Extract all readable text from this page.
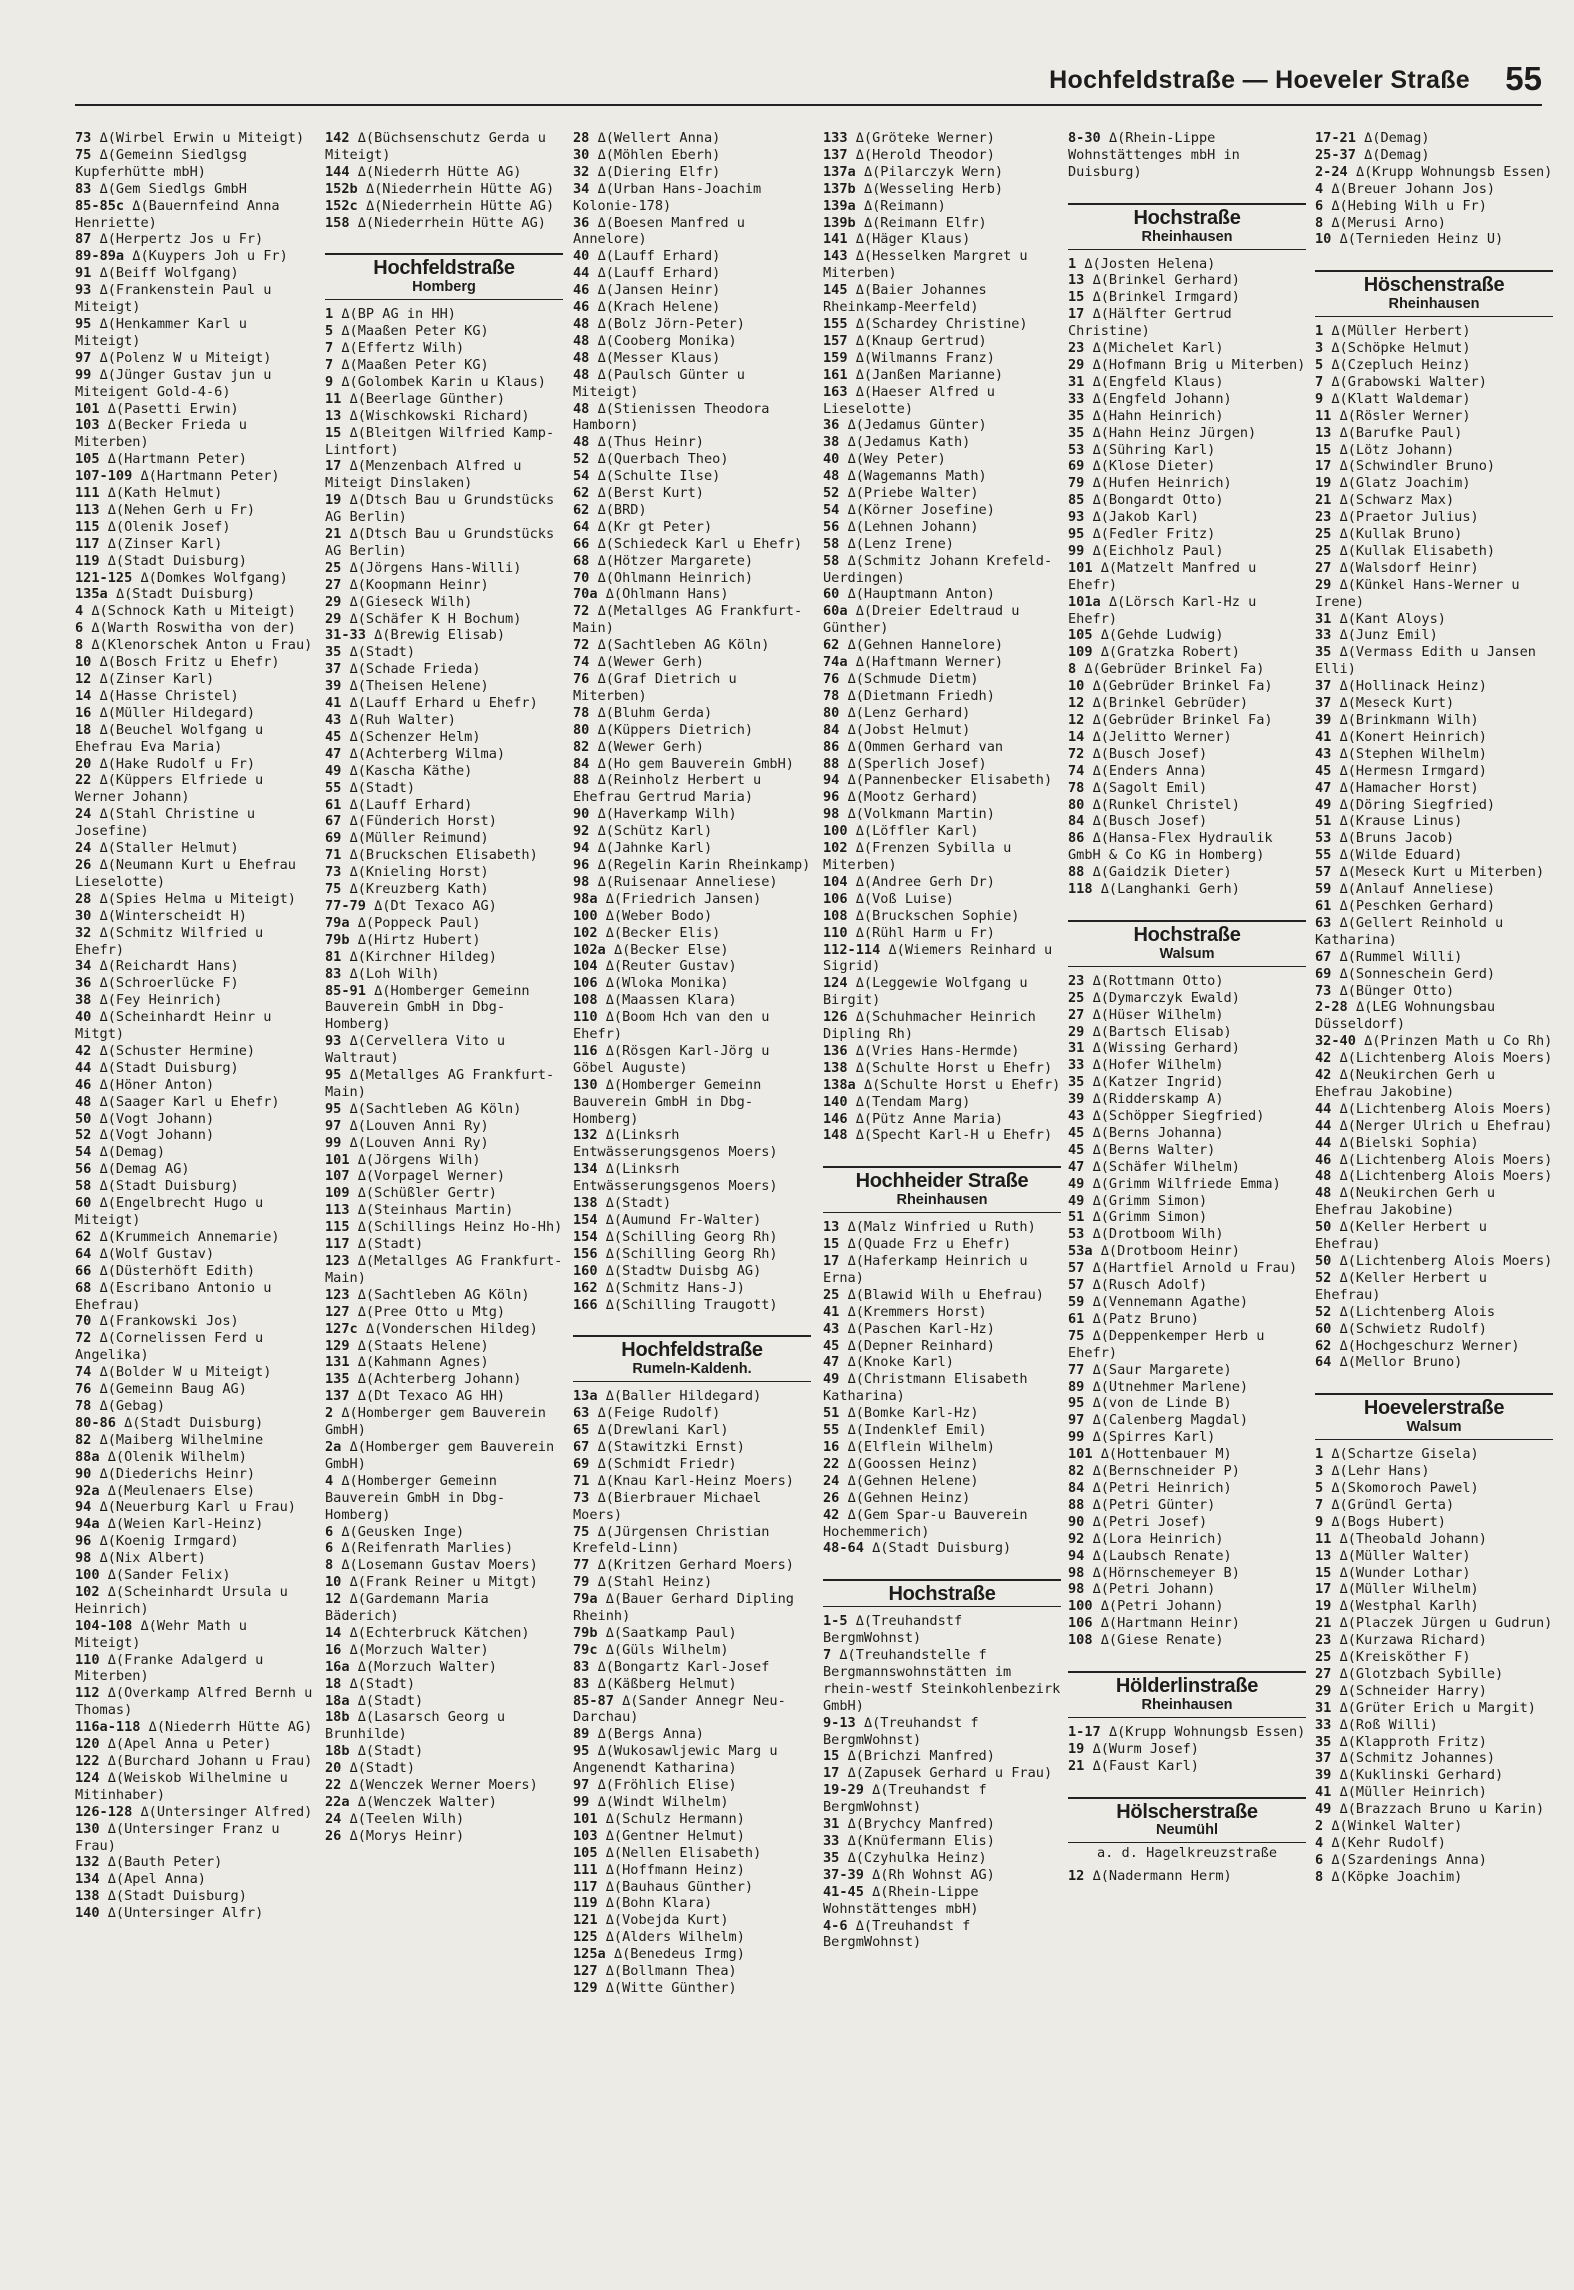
Hochfeldstraße — Hoeveler Straße 55

73 Δ(Wirbel Erwin u Miteigt)

75 Δ(Gemeinn Siedlgsg Kupferhütte mbH)

83 Δ(Gem Siedlgs GmbH

85-85c Δ(Bauernfeind Anna Henriette)

87 Δ(Herpertz Jos u Fr)

89-89a Δ(Kuypers Joh u Fr)

91 Δ(Beiff Wolfgang)

93 Δ(Frankenstein Paul u Miteigt)

95 Δ(Henkammer Karl u Miteigt)

97 Δ(Polenz W u Miteigt)

99 Δ(Jünger Gustav jun u Miteigent Gold-4-6)

101 Δ(Pasetti Erwin)

103 Δ(Becker Frieda u Miterben)

105 Δ(Hartmann Peter)

107-109 Δ(Hartmann Peter)

111 Δ(Kath Helmut)

113 Δ(Nehen Gerh u Fr)

115 Δ(Olenik Josef)

117 Δ(Zinser Karl)

119 Δ(Stadt Duisburg)

121-125 Δ(Domkes Wolfgang)

135a Δ(Stadt Duisburg)

4 Δ(Schnock Kath u Miteigt)

6 Δ(Warth Roswitha von der)

8 Δ(Klenorschek Anton u Frau)

10 Δ(Bosch Fritz u Ehefr)

12 Δ(Zinser Karl)

14 Δ(Hasse Christel)

16 Δ(Müller Hildegard)

18 Δ(Beuchel Wolfgang u Ehefrau Eva Maria)

20 Δ(Hake Rudolf u Fr)

22 Δ(Küppers Elfriede u Werner Johann)

24 Δ(Stahl Christine u Josefine)

24 Δ(Staller Helmut)

26 Δ(Neumann Kurt u Ehefrau Lieselotte)

28 Δ(Spies Helma u Miteigt)

30 Δ(Winterscheidt H)

32 Δ(Schmitz Wilfried u Ehefr)

34 Δ(Reichardt Hans)

36 Δ(Schroerlücke F)

38 Δ(Fey Heinrich)

40 Δ(Scheinhardt Heinr u Mitgt)

42 Δ(Schuster Hermine)

44 Δ(Stadt Duisburg)

46 Δ(Höner Anton)

48 Δ(Saager Karl u Ehefr)

50 Δ(Vogt Johann)

52 Δ(Vogt Johann)

54 Δ(Demag)

56 Δ(Demag AG)

58 Δ(Stadt Duisburg)

60 Δ(Engelbrecht Hugo u Miteigt)

62 Δ(Krummeich Annemarie)

64 Δ(Wolf Gustav)

66 Δ(Düsterhöft Edith)

68 Δ(Escribano Antonio u Ehefrau)

70 Δ(Frankowski Jos)

72 Δ(Cornelissen Ferd u Angelika)

74 Δ(Bolder W u Miteigt)

76 Δ(Gemeinn Baug AG)

78 Δ(Gebag)

80-86 Δ(Stadt Duisburg)

82 Δ(Maiberg Wilhelmine

88a Δ(Olenik Wilhelm)

90 Δ(Diederichs Heinr)

92a Δ(Meulenaers Else)

94 Δ(Neuerburg Karl u Frau)

94a Δ(Weien Karl-Heinz)

96 Δ(Koenig Irmgard)

98 Δ(Nix Albert)

100 Δ(Sander Felix)

102 Δ(Scheinhardt Ursula u Heinrich)

104-108 Δ(Wehr Math u Miteigt)

110 Δ(Franke Adalgerd u Miterben)

112 Δ(Overkamp Alfred Bernh u Thomas)

116a-118 Δ(Niederrh Hütte AG)

120 Δ(Apel Anna u Peter)

122 Δ(Burchard Johann u Frau)

124 Δ(Weiskob Wilhelmine u Mitinhaber)

126-128 Δ(Untersinger Alfred)

130 Δ(Untersinger Franz u Frau)

132 Δ(Bauth Peter)

134 Δ(Apel Anna)

138 Δ(Stadt Duisburg)

140 Δ(Untersinger Alfr)

142 Δ(Büchsenschutz Gerda u Miteigt)

144 Δ(Niederrh Hütte AG)

152b Δ(Niederrhein Hütte AG)

152c Δ(Niederrhein Hütte AG)

158 Δ(Niederrhein Hütte AG)

Hochfeldstraße
Homberg

1 Δ(BP AG in HH)

5 Δ(Maaßen Peter KG)

7 Δ(Effertz Wilh)

7 Δ(Maaßen Peter KG)

9 Δ(Golombek Karin u Klaus)

11 Δ(Beerlage Günther)

13 Δ(Wischkowski Richard)

15 Δ(Bleitgen Wilfried Kamp-Lintfort)

17 Δ(Menzenbach Alfred u Miteigt Dinslaken)

19 Δ(Dtsch Bau u Grundstücks AG Berlin)

21 Δ(Dtsch Bau u Grundstücks AG Berlin)

25 Δ(Jörgens Hans-Willi)

27 Δ(Koopmann Heinr)

29 Δ(Gieseck Wilh)

29 Δ(Schäfer K H Bochum)

31-33 Δ(Brewig Elisab)

35 Δ(Stadt)

37 Δ(Schade Frieda)

39 Δ(Theisen Helene)

41 Δ(Lauff Erhard u Ehefr)

43 Δ(Ruh Walter)

45 Δ(Schenzer Helm)

47 Δ(Achterberg Wilma)

49 Δ(Kascha Käthe)

55 Δ(Stadt)

61 Δ(Lauff Erhard)

67 Δ(Fünderich Horst)

69 Δ(Müller Reimund)

71 Δ(Bruckschen Elisabeth)

73 Δ(Knieling Horst)

75 Δ(Kreuzberg Kath)

77-79 Δ(Dt Texaco AG)

79a Δ(Poppeck Paul)

79b Δ(Hirtz Hubert)

81 Δ(Kirchner Hildeg)

83 Δ(Loh Wilh)

85-91 Δ(Homberger Gemeinn Bauverein GmbH in Dbg-Homberg)

93 Δ(Cervellera Vito u Waltraut)

95 Δ(Metallges AG Frankfurt-Main)

95 Δ(Sachtleben AG Köln)

97 Δ(Louven Anni Ry)

99 Δ(Louven Anni Ry)

101 Δ(Jörgens Wilh)

107 Δ(Vorpagel Werner)

109 Δ(Schüßler Gertr)

113 Δ(Steinhaus Martin)

115 Δ(Schillings Heinz Ho-Hh)

117 Δ(Stadt)

123 Δ(Metallges AG Frankfurt-Main)

123 Δ(Sachtleben AG Köln)

127 Δ(Pree Otto u Mtg)

127c Δ(Vonderschen Hildeg)

129 Δ(Staats Helene)

131 Δ(Kahmann Agnes)

135 Δ(Achterberg Johann)

137 Δ(Dt Texaco AG HH)

2 Δ(Homberger gem Bauverein GmbH)

2a Δ(Homberger gem Bauverein GmbH)

4 Δ(Homberger Gemeinn Bauverein GmbH in Dbg-Homberg)

6 Δ(Geusken Inge)

6 Δ(Reifenrath Marlies)

8 Δ(Losemann Gustav Moers)

10 Δ(Frank Reiner u Mitgt)

12 Δ(Gardemann Maria Bäderich)

14 Δ(Echterbruck Kätchen)

16 Δ(Morzuch Walter)

16a Δ(Morzuch Walter)

18 Δ(Stadt)

18a Δ(Stadt)

18b Δ(Lasarsch Georg u Brunhilde)

18b Δ(Stadt)

20 Δ(Stadt)

22 Δ(Wenczek Werner Moers)

22a Δ(Wenczek Walter)

24 Δ(Teelen Wilh)

26 Δ(Morys Heinr)

28 Δ(Wellert Anna)

30 Δ(Möhlen Eberh)

32 Δ(Diering Elfr)

34 Δ(Urban Hans-Joachim Kolonie-178)

36 Δ(Boesen Manfred u Annelore)

40 Δ(Lauff Erhard)

44 Δ(Lauff Erhard)

46 Δ(Jansen Heinr)

46 Δ(Krach Helene)

48 Δ(Bolz Jörn-Peter)

48 Δ(Cooberg Monika)

48 Δ(Messer Klaus)

48 Δ(Paulsch Günter u Miteigt)

48 Δ(Stienissen Theodora Hamborn)

48 Δ(Thus Heinr)

52 Δ(Querbach Theo)

54 Δ(Schulte Ilse)

62 Δ(Berst Kurt)

62 Δ(BRD)

64 Δ(Kr gt Peter)

66 Δ(Schiedeck Karl u Ehefr)

68 Δ(Hötzer Margarete)

70 Δ(Ohlmann Heinrich)

70a Δ(Ohlmann Hans)

72 Δ(Metallges AG Frankfurt-Main)

72 Δ(Sachtleben AG Köln)

74 Δ(Wewer Gerh)

76 Δ(Graf Dietrich u Miterben)

78 Δ(Bluhm Gerda)

80 Δ(Küppers Dietrich)

82 Δ(Wewer Gerh)

84 Δ(Ho gem Bauverein GmbH)

88 Δ(Reinholz Herbert u Ehefrau Gertrud Maria)

90 Δ(Haverkamp Wilh)

92 Δ(Schütz Karl)

94 Δ(Jahnke Karl)

96 Δ(Regelin Karin Rheinkamp)

98 Δ(Ruisenaar Anneliese)

98a Δ(Friedrich Jansen)

100 Δ(Weber Bodo)

102 Δ(Becker Elis)

102a Δ(Becker Else)

104 Δ(Reuter Gustav)

106 Δ(Wloka Monika)

108 Δ(Maassen Klara)

110 Δ(Boom Hch van den u Ehefr)

116 Δ(Rösgen Karl-Jörg u Göbel Auguste)

130 Δ(Homberger Gemeinn Bauverein GmbH in Dbg-Homberg)

132 Δ(Linksrh Entwässerungsgenos Moers)

134 Δ(Linksrh Entwässerungsgenos Moers)

138 Δ(Stadt)

154 Δ(Aumund Fr-Walter)

154 Δ(Schilling Georg Rh)

156 Δ(Schilling Georg Rh)

160 Δ(Stadtw Duisbg AG)

162 Δ(Schmitz Hans-J)

166 Δ(Schilling Traugott)

Hochfeldstraße
Rumeln-Kaldenh.

13a Δ(Baller Hildegard)

63 Δ(Feige Rudolf)

65 Δ(Drewlani Karl)

67 Δ(Stawitzki Ernst)

69 Δ(Schmidt Friedr)

71 Δ(Knau Karl-Heinz Moers)

73 Δ(Bierbrauer Michael Moers)

75 Δ(Jürgensen Christian Krefeld-Linn)

77 Δ(Kritzen Gerhard Moers)

79 Δ(Stahl Heinz)

79a Δ(Bauer Gerhard Dipling Rheinh)

79b Δ(Saatkamp Paul)

79c Δ(Güls Wilhelm)

83 Δ(Bongartz Karl-Josef

83 Δ(Käßberg Helmut)

85-87 Δ(Sander Annegr Neu-Darchau)

89 Δ(Bergs Anna)

95 Δ(Wukosawljewic Marg u Angenendt Katharina)

97 Δ(Fröhlich Elise)

99 Δ(Windt Wilhelm)

101 Δ(Schulz Hermann)

103 Δ(Gentner Helmut)

105 Δ(Nellen Elisabeth)

111 Δ(Hoffmann Heinz)

117 Δ(Bauhaus Günther)

119 Δ(Bohn Klara)

121 Δ(Vobejda Kurt)

125 Δ(Alders Wilhelm)

125a Δ(Benedeus Irmg)

127 Δ(Bollmann Thea)

129 Δ(Witte Günther)

133 Δ(Gröteke Werner)

137 Δ(Herold Theodor)

137a Δ(Pilarczyk Wern)

137b Δ(Wesseling Herb)

139a Δ(Reimann)

139b Δ(Reimann Elfr)

141 Δ(Häger Klaus)

143 Δ(Hesselken Margret u Miterben)

145 Δ(Baier Johannes Rheinkamp-Meerfeld)

155 Δ(Schardey Christine)

157 Δ(Knaup Gertrud)

159 Δ(Wilmanns Franz)

161 Δ(Janßen Marianne)

163 Δ(Haeser Alfred u Lieselotte)

36 Δ(Jedamus Günter)

38 Δ(Jedamus Kath)

40 Δ(Wey Peter)

48 Δ(Wagemanns Math)

52 Δ(Priebe Walter)

54 Δ(Körner Josefine)

56 Δ(Lehnen Johann)

58 Δ(Lenz Irene)

58 Δ(Schmitz Johann Krefeld-Uerdingen)

60 Δ(Hauptmann Anton)

60a Δ(Dreier Edeltraud u Günther)

62 Δ(Gehnen Hannelore)

74a Δ(Haftmann Werner)

76 Δ(Schmude Dietm)

78 Δ(Dietmann Friedh)

80 Δ(Lenz Gerhard)

84 Δ(Jobst Helmut)

86 Δ(Ommen Gerhard van

88 Δ(Sperlich Josef)

94 Δ(Pannenbecker Elisabeth)

96 Δ(Mootz Gerhard)

98 Δ(Volkmann Martin)

100 Δ(Löffler Karl)

102 Δ(Frenzen Sybilla u Miterben)

104 Δ(Andree Gerh Dr)

106 Δ(Voß Luise)

108 Δ(Bruckschen Sophie)

110 Δ(Rühl Harm u Fr)

112-114 Δ(Wiemers Reinhard u Sigrid)

124 Δ(Leggewie Wolfgang u Birgit)

126 Δ(Schuhmacher Heinrich Dipling Rh)

136 Δ(Vries Hans-Hermde)

138 Δ(Schulte Horst u Ehefr)

138a Δ(Schulte Horst u Ehefr)

140 Δ(Tendam Marg)

146 Δ(Pütz Anne Maria)

148 Δ(Specht Karl-H u Ehefr)

Hochheider Straße
Rheinhausen

13 Δ(Malz Winfried u Ruth)

15 Δ(Quade Frz u Ehefr)

17 Δ(Haferkamp Heinrich u Erna)

25 Δ(Blawid Wilh u Ehefrau)

41 Δ(Kremmers Horst)

43 Δ(Paschen Karl-Hz)

45 Δ(Depner Reinhard)

47 Δ(Knoke Karl)

49 Δ(Christmann Elisabeth Katharina)

51 Δ(Bomke Karl-Hz)

55 Δ(Indenklef Emil)

16 Δ(Elflein Wilhelm)

22 Δ(Goossen Heinz)

24 Δ(Gehnen Helene)

26 Δ(Gehnen Heinz)

42 Δ(Gem Spar-u Bauverein Hochemmerich)

48-64 Δ(Stadt Duisburg)

Hochstraße

1-5 Δ(Treuhandstf BergmWohnst)

7 Δ(Treuhandstelle f Bergmannswohnstätten im rhein-westf Steinkohlenbezirk GmbH)

9-13 Δ(Treuhandst f BergmWohnst)

15 Δ(Brichzi Manfred)

17 Δ(Zapusek Gerhard u Frau)

19-29 Δ(Treuhandst f BergmWohnst)

31 Δ(Brychcy Manfred)

33 Δ(Knüfermann Elis)

35 Δ(Czyhulka Heinz)

37-39 Δ(Rh Wohnst AG)

41-45 Δ(Rhein-Lippe Wohnstättenges mbH)

4-6 Δ(Treuhandst f BergmWohnst)

8-30 Δ(Rhein-Lippe Wohnstättenges mbH in Duisburg)

Hochstraße
Rheinhausen

1 Δ(Josten Helena)

13 Δ(Brinkel Gerhard)

15 Δ(Brinkel Irmgard)

17 Δ(Hälfter Gertrud Christine)

23 Δ(Michelet Karl)

29 Δ(Hofmann Brig u Miterben)

31 Δ(Engfeld Klaus)

33 Δ(Engfeld Johann)

35 Δ(Hahn Heinrich)

35 Δ(Hahn Heinz Jürgen)

53 Δ(Sühring Karl)

69 Δ(Klose Dieter)

79 Δ(Hufen Heinrich)

85 Δ(Bongardt Otto)

93 Δ(Jakob Karl)

95 Δ(Fedler Fritz)

99 Δ(Eichholz Paul)

101 Δ(Matzelt Manfred u Ehefr)

101a Δ(Lörsch Karl-Hz u Ehefr)

105 Δ(Gehde Ludwig)

109 Δ(Gratzka Robert)

8 Δ(Gebrüder Brinkel Fa)

10 Δ(Gebrüder Brinkel Fa)

12 Δ(Brinkel Gebrüder)

12 Δ(Gebrüder Brinkel Fa)

14 Δ(Jelitto Werner)

72 Δ(Busch Josef)

74 Δ(Enders Anna)

78 Δ(Sagolt Emil)

80 Δ(Runkel Christel)

84 Δ(Busch Josef)

86 Δ(Hansa-Flex Hydraulik GmbH & Co KG in Homberg)

88 Δ(Gaidzik Dieter)

118 Δ(Langhanki Gerh)

Hochstraße
Walsum

23 Δ(Rottmann Otto)

25 Δ(Dymarczyk Ewald)

27 Δ(Hüser Wilhelm)

29 Δ(Bartsch Elisab)

31 Δ(Wissing Gerhard)

33 Δ(Hofer Wilhelm)

35 Δ(Katzer Ingrid)

39 Δ(Ridderskamp A)

43 Δ(Schöpper Siegfried)

45 Δ(Berns Johanna)

45 Δ(Berns Walter)

47 Δ(Schäfer Wilhelm)

49 Δ(Grimm Wilfriede Emma)

49 Δ(Grimm Simon)

51 Δ(Grimm Simon)

53 Δ(Drotboom Wilh)

53a Δ(Drotboom Heinr)

57 Δ(Hartfiel Arnold u Frau)

57 Δ(Rusch Adolf)

59 Δ(Vennemann Agathe)

61 Δ(Patz Bruno)

75 Δ(Deppenkemper Herb u Ehefr)

77 Δ(Saur Margarete)

89 Δ(Utnehmer Marlene)

95 Δ(von de Linde B)

97 Δ(Calenberg Magdal)

99 Δ(Spirres Karl)

101 Δ(Hottenbauer M)

82 Δ(Bernschneider P)

84 Δ(Petri Heinrich)

88 Δ(Petri Günter)

90 Δ(Petri Josef)

92 Δ(Lora Heinrich)

94 Δ(Laubsch Renate)

98 Δ(Hörnschemeyer B)

98 Δ(Petri Johann)

100 Δ(Petri Johann)

106 Δ(Hartmann Heinr)

108 Δ(Giese Renate)

Hölderlinstraße
Rheinhausen

1-17 Δ(Krupp Wohnungsb Essen)

19 Δ(Wurm Josef)

21 Δ(Faust Karl)

Hölscherstraße
Neumühl

a. d. Hagelkreuzstraße

12 Δ(Nadermann Herm)

17-21 Δ(Demag)

25-37 Δ(Demag)

2-24 Δ(Krupp Wohnungsb Essen)

4 Δ(Breuer Johann Jos)

6 Δ(Hebing Wilh u Fr)

8 Δ(Merusi Arno)

10 Δ(Ternieden Heinz U)

Höschenstraße
Rheinhausen

1 Δ(Müller Herbert)

3 Δ(Schöpke Helmut)

5 Δ(Czepluch Heinz)

7 Δ(Grabowski Walter)

9 Δ(Klatt Waldemar)

11 Δ(Rösler Werner)

13 Δ(Barufke Paul)

15 Δ(Lötz Johann)

17 Δ(Schwindler Bruno)

19 Δ(Glatz Joachim)

21 Δ(Schwarz Max)

23 Δ(Praetor Julius)

25 Δ(Kullak Bruno)

25 Δ(Kullak Elisabeth)

27 Δ(Walsdorf Heinr)

29 Δ(Künkel Hans-Werner u Irene)

31 Δ(Kant Aloys)

33 Δ(Junz Emil)

35 Δ(Vermass Edith u Jansen Elli)

37 Δ(Hollinack Heinz)

37 Δ(Meseck Kurt)

39 Δ(Brinkmann Wilh)

41 Δ(Konert Heinrich)

43 Δ(Stephen Wilhelm)

45 Δ(Hermesn Irmgard)

47 Δ(Hamacher Horst)

49 Δ(Döring Siegfried)

51 Δ(Krause Linus)

53 Δ(Bruns Jacob)

55 Δ(Wilde Eduard)

57 Δ(Meseck Kurt u Miterben)

59 Δ(Anlauf Anneliese)

61 Δ(Peschken Gerhard)

63 Δ(Gellert Reinhold u Katharina)

67 Δ(Rummel Willi)

69 Δ(Sonneschein Gerd)

73 Δ(Bünger Otto)

2-28 Δ(LEG Wohnungsbau Düsseldorf)

32-40 Δ(Prinzen Math u Co Rh)

42 Δ(Lichtenberg Alois Moers)

42 Δ(Neukirchen Gerh u Ehefrau Jakobine)

44 Δ(Lichtenberg Alois Moers)

44 Δ(Nerger Ulrich u Ehefrau)

44 Δ(Bielski Sophia)

46 Δ(Lichtenberg Alois Moers)

48 Δ(Lichtenberg Alois Moers)

48 Δ(Neukirchen Gerh u Ehefrau Jakobine)

50 Δ(Keller Herbert u Ehefrau)

50 Δ(Lichtenberg Alois Moers)

52 Δ(Keller Herbert u Ehefrau)

52 Δ(Lichtenberg Alois

60 Δ(Schwietz Rudolf)

62 Δ(Hochgeschurz Werner)

64 Δ(Mellor Bruno)

Hoevelerstraße
Walsum

1 Δ(Schartze Gisela)

3 Δ(Lehr Hans)

5 Δ(Skomoroch Pawel)

7 Δ(Gründl Gerta)

9 Δ(Bogs Hubert)

11 Δ(Theobald Johann)

13 Δ(Müller Walter)

15 Δ(Wunder Lothar)

17 Δ(Müller Wilhelm)

19 Δ(Westphal Karlh)

21 Δ(Placzek Jürgen u Gudrun)

23 Δ(Kurzawa Richard)

25 Δ(Kreisköther F)

27 Δ(Glotzbach Sybille)

29 Δ(Schneider Harry)

31 Δ(Grüter Erich u Margit)

33 Δ(Roß Willi)

35 Δ(Klapproth Fritz)

37 Δ(Schmitz Johannes)

39 Δ(Kuklinski Gerhard)

41 Δ(Müller Heinrich)

49 Δ(Brazzach Bruno u Karin)

2 Δ(Winkel Walter)

4 Δ(Kehr Rudolf)

6 Δ(Szardenings Anna)

8 Δ(Köpke Joachim)
